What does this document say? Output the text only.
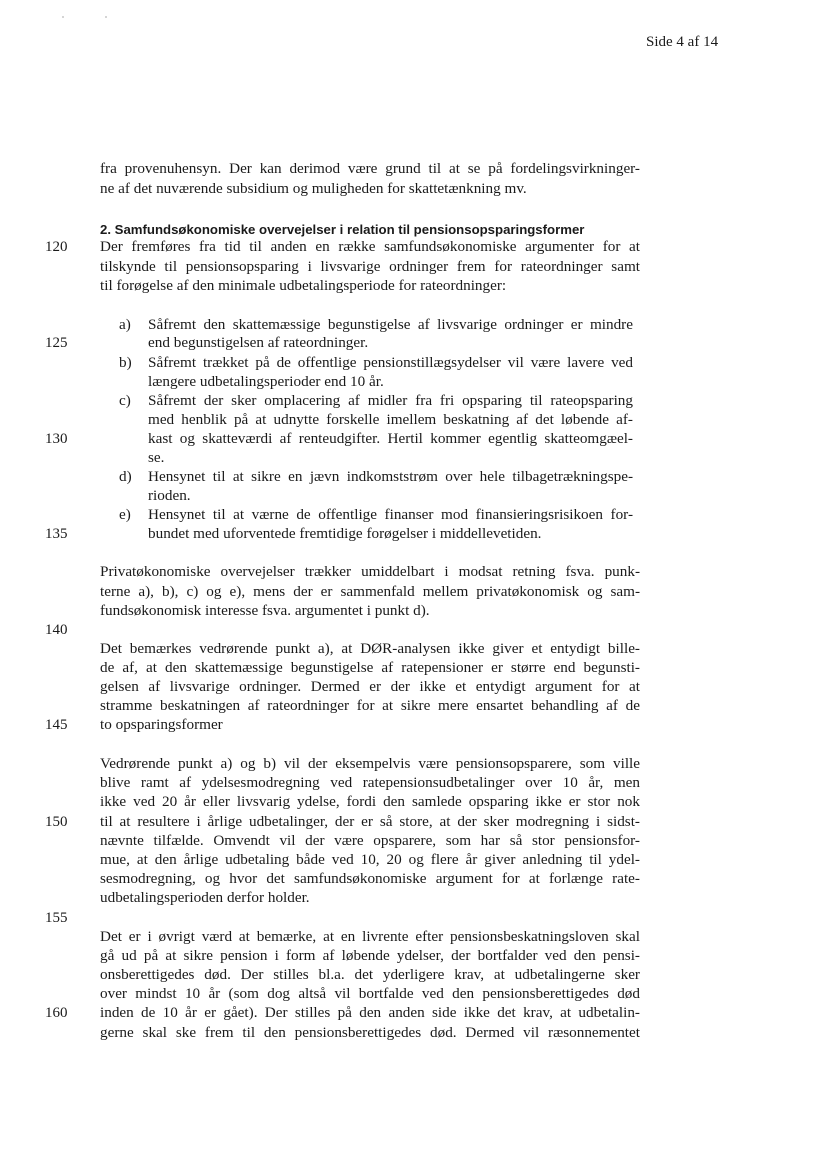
Side 4 af 14
120
125
130
135
140
145
150
155
160
fra provenuhensyn. Der kan derimod være grund til at se på fordelingsvirkninger-
ne af det nuværende subsidium og muligheden for skattetænkning mv.
2. Samfundsøkonomiske overvejelser i relation til pensionsopsparingsformer
Der fremføres fra tid til anden en række samfundsøkonomiske argumenter for at
tilskynde til pensionsopsparing i livsvarige ordninger frem for rateordninger samt
til forøgelse af den minimale udbetalingsperiode for rateordninger:
a)	Såfremt den skattemæssige begunstigelse af livsvarige ordninger er mindre
end begunstigelsen af rateordninger.
b)	Såfremt trækket på de offentlige pensionstillægsydelser vil være lavere ved
længere udbetalingsperioder end 10 år.
c)	Såfremt der sker omplacering af midler fra fri opsparing til rateopsparing
med henblik på at udnytte forskelle imellem beskatning af det løbende af-
kast og skatteværdi af renteudgifter. Hertil kommer egentlig skatteomgæel-
se.
d)	Hensynet til at sikre en jævn indkomststrøm over hele tilbagetrækningspe-
rioden.
e)	Hensynet til at værne de offentlige finanser mod finansieringsrisikoen for-
bundet med uforventede fremtidige forøgelser i middellevetiden.
Privatøkonomiske overvejelser trækker umiddelbart i modsat retning fsva. punk-
terne a), b), c) og e), mens der er sammenfald mellem privatøkonomisk og sam-
fundsøkonomisk interesse fsva. argumentet i punkt d).
Det bemærkes vedrørende punkt a), at DØR-analysen ikke giver et entydigt bille-
de af, at den skattemæssige begunstigelse af ratepensioner er større end begunsti-
gelsen af livsvarige ordninger. Dermed er der ikke et entydigt argument for at
stramme beskatningen af rateordninger for at sikre mere ensartet behandling af de
to opsparingsformer
Vedrørende punkt a) og b) vil der eksempelvis være pensionsopsparere, som ville
blive ramt af ydelsesmodregning ved ratepensionsudbetalinger over 10 år, men
ikke ved 20 år eller livsvarig ydelse, fordi den samlede opsparing ikke er stor nok
til at resultere i årlige udbetalinger, der er så store, at der sker modregning i sidst-
nævnte tilfælde. Omvendt vil der være opsparere, som har så stor pensionsfor-
mue, at den årlige udbetaling både ved 10, 20 og flere år giver anledning til ydel-
sesmodregning, og hvor det samfundsøkonomiske argument for at forlænge rate-
udbetalingsperioden derfor holder.
Det er i øvrigt værd at bemærke, at en livrente efter pensionsbeskatningsloven skal
gå ud på at sikre pension i form af løbende ydelser, der bortfalder ved den pensi-
onsberettigedes død. Der stilles bl.a. det yderligere krav, at udbetalingerne sker
over mindst 10 år (som dog altså vil bortfalde ved den pensionsberettigedes død
inden de 10 år er gået). Der stilles på den anden side ikke det krav, at udbetalin-
gerne skal ske frem til den pensionsberettigedes død. Dermed vil ræsonnementet
